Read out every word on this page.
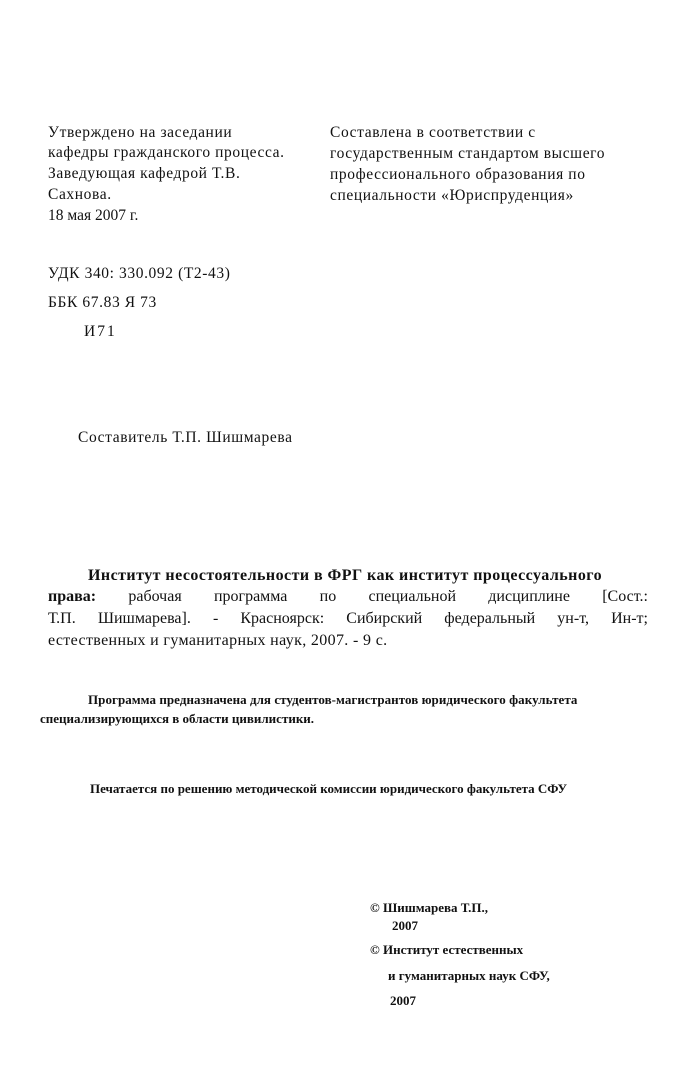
Утверждено на заседании
кафедры гражданского процесса.
Заведующая кафедрой Т.В.
Сахнова.
18 мая 2007 г.
Составлена в соответствии с
государственным стандартом высшего
профессионального образования по
специальности «Юриспруденция»
УДК 340: 330.092 (Т2-43)
ББК 67.83 Я 73
И71
Составитель Т.П. Шишмарева
Институт несостоятельности в ФРГ как институт процессуального
права: рабочая программа по специальной дисциплине [Сост.:
Т.П. Шишмарева]. - Красноярск: Сибирский федеральный ун-т, Ин-т;
естественных и гуманитарных наук, 2007. - 9 с.
Программа предназначена для студентов-магистрантов юридического факультета
специализирующихся в области цивилистики.
Печатается по решению методической комиссии юридического факультета СФУ
© Шишмарева Т.П.,
2007
© Институт естественных
и гуманитарных наук СФУ,
2007
